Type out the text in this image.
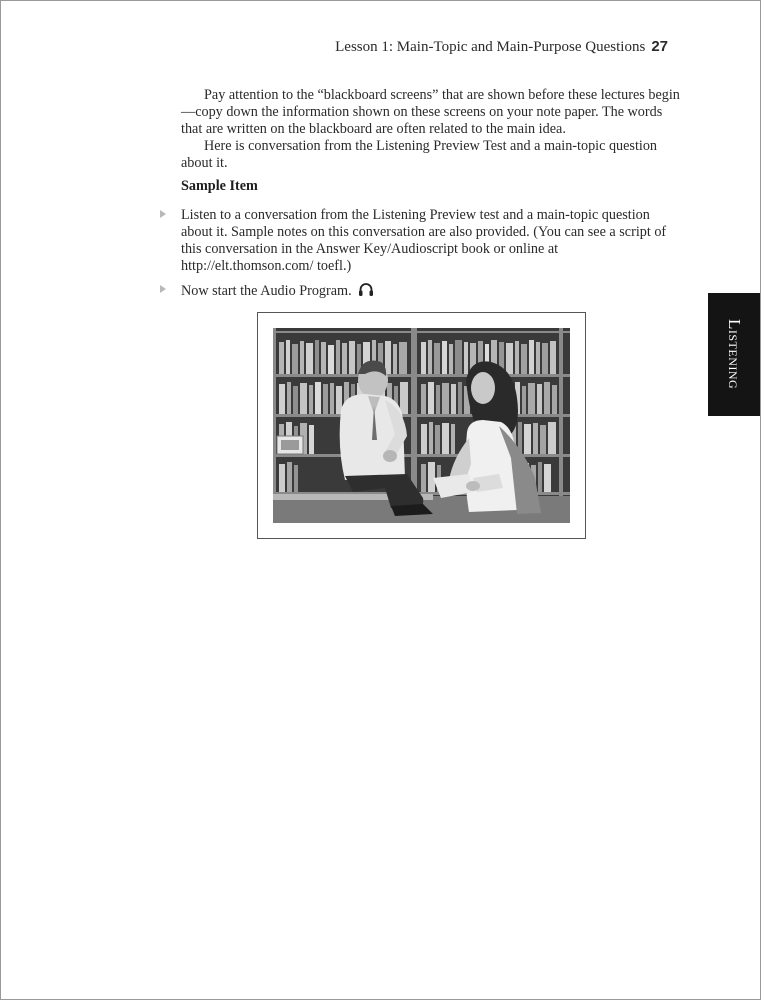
Lesson 1: Main-Topic and Main-Purpose Questions 27

Pay attention to the “blackboard screens” that are shown before these lectures begin—copy down the information shown on these screens on your note paper. The words that are written on the blackboard are often related to the main idea.

Here is conversation from the Listening Preview Test and a main-topic question about it.

Sample Item
Listen to a conversation from the Listening Preview test and a main-topic question about it. Sample notes on this conversation are also provided. (You can see a script of this conversation in the Answer Key/Audioscript book or online at http://elt.thomson.com/ toefl.)
Now start the Audio Program.
Listening
